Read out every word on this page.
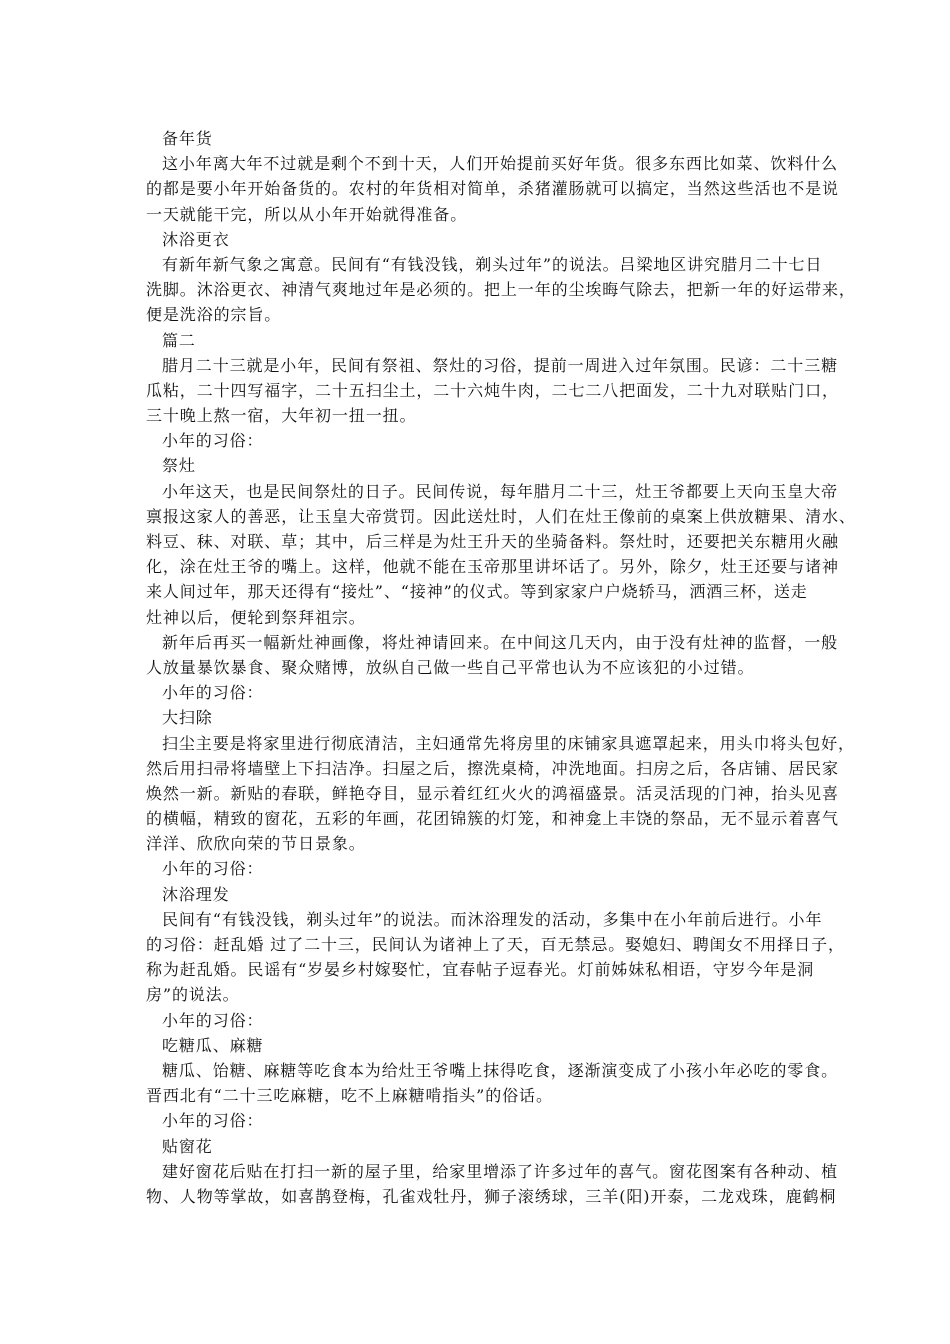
备年货
这小年离大年不过就是剩个不到十天，人们开始提前买好年货。很多东西比如菜、饮料什么
的都是要小年开始备货的。农村的年货相对简单，杀猪灌肠就可以搞定，当然这些活也不是说
一天就能干完，所以从小年开始就得准备。
沐浴更衣
有新年新气象之寓意。民间有“有钱没钱，剃头过年”的说法。吕梁地区讲究腊月二十七日
洗脚。沐浴更衣、神清气爽地过年是必须的。把上一年的尘埃晦气除去，把新一年的好运带来，
便是洗浴的宗旨。
篇二
腊月二十三就是小年，民间有祭祖、祭灶的习俗，提前一周进入过年氛围。民谚：二十三糖
瓜粘，二十四写福字，二十五扫尘土，二十六炖牛肉，二七二八把面发，二十九对联贴门口，
三十晚上熬一宿，大年初一扭一扭。
小年的习俗：
祭灶
小年这天，也是民间祭灶的日子。民间传说，每年腊月二十三，灶王爷都要上天向玉皇大帝
禀报这家人的善恶，让玉皇大帝赏罚。因此送灶时，人们在灶王像前的桌案上供放糖果、清水、
料豆、秣、对联、草；其中，后三样是为灶王升天的坐骑备料。祭灶时，还要把关东糖用火融
化，涂在灶王爷的嘴上。这样，他就不能在玉帝那里讲坏话了。另外，除夕，灶王还要与诸神
来人间过年，那天还得有“接灶”、“接神”的仪式。等到家家户户烧轿马，洒酒三杯，送走
灶神以后，便轮到祭拜祖宗。
新年后再买一幅新灶神画像，将灶神请回来。在中间这几天内，由于没有灶神的监督，一般
人放量暴饮暴食、聚众赌博，放纵自己做一些自己平常也认为不应该犯的小过错。
小年的习俗：
大扫除
扫尘主要是将家里进行彻底清洁，主妇通常先将房里的床铺家具遮罩起来，用头巾将头包好，
然后用扫帚将墙壁上下扫洁净。扫屋之后，擦洗桌椅，冲洗地面。扫房之后，各店铺、居民家
焕然一新。新贴的春联，鲜艳夺目，显示着红红火火的鸿福盛景。活灵活现的门神，抬头见喜
的横幅，精致的窗花，五彩的年画，花团锦簇的灯笼，和神龛上丰饶的祭品，无不显示着喜气
洋洋、欣欣向荣的节日景象。
小年的习俗：
沐浴理发
民间有“有钱没钱，剃头过年”的说法。而沐浴理发的活动，多集中在小年前后进行。小年
的习俗：赶乱婚 过了二十三，民间认为诸神上了天，百无禁忌。娶媳妇、聘闺女不用择日子，
称为赶乱婚。民谣有“岁晏乡村嫁娶忙，宜春帖子逗春光。灯前姊妹私相语，守岁今年是洞
房”的说法。
小年的习俗：
吃糖瓜、麻糖
糖瓜、饴糖、麻糖等吃食本为给灶王爷嘴上抹得吃食，逐渐演变成了小孩小年必吃的零食。
晋西北有“二十三吃麻糖，吃不上麻糖啃指头”的俗话。
小年的习俗：
贴窗花
建好窗花后贴在打扫一新的屋子里，给家里增添了许多过年的喜气。窗花图案有各种动、植
物、人物等掌故，如喜鹊登梅，孔雀戏牡丹，狮子滚绣球，三羊(阳)开泰，二龙戏珠，鹿鹤桐
